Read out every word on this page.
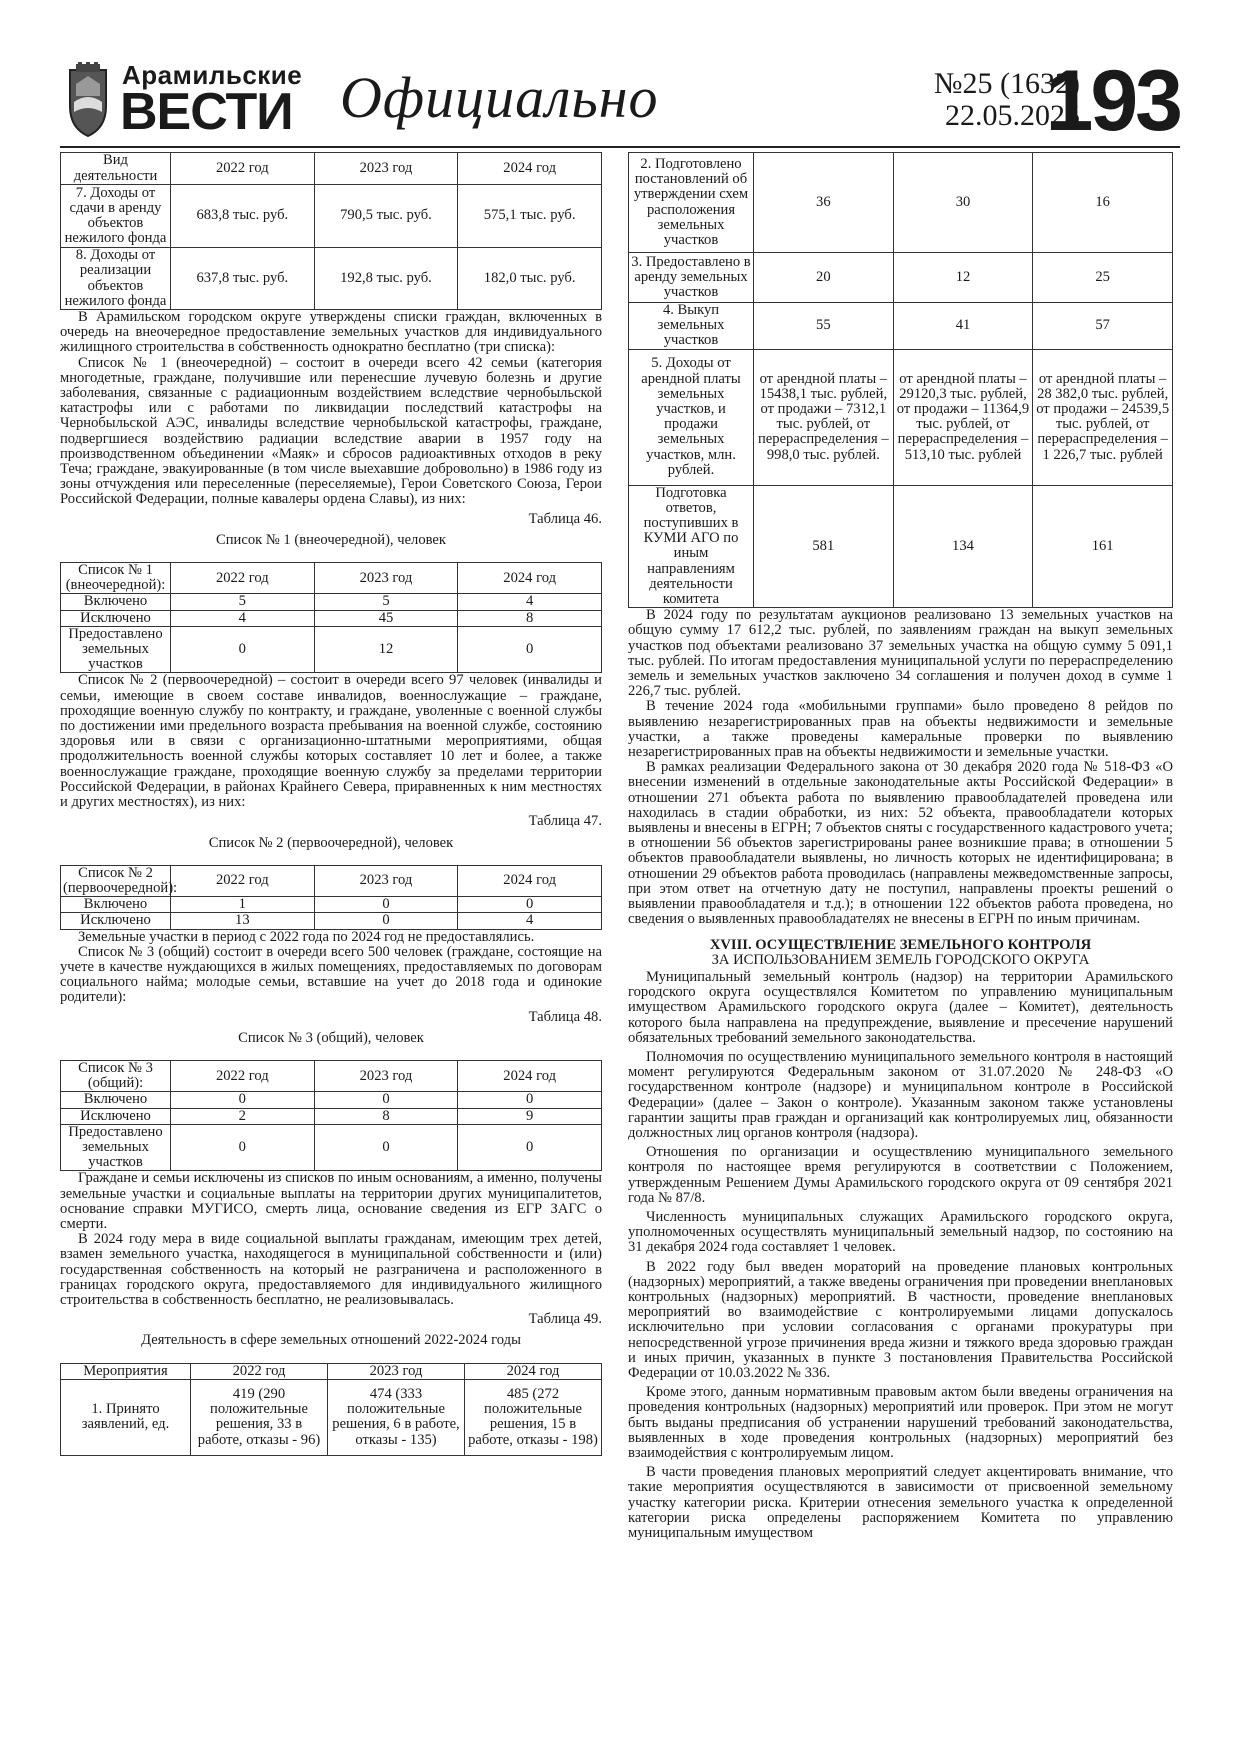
Арамильские
ВЕСТИ Официально	№25 (1632)
22.05.2025
193
Вид деятельности	2022 год	2023 год	2024 год
7. Доходы от сдачи в аренду объектов нежилого фонда	683,8 тыс. руб.	790,5 тыс. руб.	575,1 тыс. руб.
8. Доходы от реализации объектов нежилого фонда	637,8 тыс. руб.	192,8 тыс. руб.	182,0 тыс. руб.

В Арамильском городском округе утверждены списки граждан, включенных в очередь на внеочередное предоставление земельных участков для индивидуального жилищного строительства в собственность однократно бесплатно (три списка):

Список № 1 (внеочередной) – состоит в очереди всего 42 семьи (категория многодетные, граждане, получившие или перенесшие лучевую болезнь и другие заболевания, связанные с радиационным воздействием вследствие чернобыльской катастрофы или с работами по ликвидации последствий катастрофы на Чернобыльской АЭС, инвалиды вследствие чернобыльской катастрофы, граждане, подвергшиеся воздействию радиации вследствие аварии в 1957 году на производственном объединении «Маяк» и сбросов радиоактивных отходов в реку Теча; граждане, эвакуированные (в том числе выехавшие добровольно) в 1986 году из зоны отчуждения или переселенные (переселяемые), Герои Советского Союза, Герои Российской Федерации, полные кавалеры ордена Славы), из них:

Таблица 46.
Список № 1 (внеочередной), человек
Список № 1 (внеочередной):	2022 год	2023 год	2024 год
Включено	5	5	4
Исключено	4	45	8
Предоставлено земельных участков	0	12	0

Список № 2 (первоочередной) – состоит в очереди всего 97 человек (инвалиды и семьи, имеющие в своем составе инвалидов, военнослужащие – граждане, проходящие военную службу по контракту, и граждане, уволенные с военной службы по достижении ими предельного возраста пребывания на военной службе, состоянию здоровья или в связи с организационно-штатными мероприятиями, общая продолжительность военной службы которых составляет 10 лет и более, а также военнослужащие граждане, проходящие военную службу за пределами территории Российской Федерации, в районах Крайнего Севера, приравненных к ним местностях и других местностях), из них:

Таблица 47.
Список № 2 (первоочередной), человек
Список № 2 (первоочередной):	2022 год	2023 год	2024 год
Включено	1	0	0
Исключено	13	0	4

Земельные участки в период с 2022 года по 2024 год не предоставлялись.

Список № 3 (общий) состоит в очереди всего 500 человек (граждане, состоящие на учете в качестве нуждающихся в жилых помещениях, предоставляемых по договорам социального найма; молодые семьи, вставшие на учет до 2018 года и одинокие родители):

Таблица 48.
Список № 3 (общий), человек
Список № 3 (общий):	2022 год	2023 год	2024 год
Включено	0	0	0
Исключено	2	8	9
Предоставлено земельных участков	0	0	0

Граждане и семьи исключены из списков по иным основаниям, а именно, получены земельные участки и социальные выплаты на территории других муниципалитетов, основание справки МУГИСО, смерть лица, основание сведения из ЕГР ЗАГС о смерти.

В 2024 году мера в виде социальной выплаты гражданам, имеющим трех детей, взамен земельного участка, находящегося в муниципальной собственности и (или) государственная собственность на который не разграничена и расположенного в границах городского округа, предоставляемого для индивидуального жилищного строительства в собственность бесплатно, не реализовывалась.

Таблица 49.
Деятельность в сфере земельных отношений 2022-2024 годы
Мероприятия	2022 год	2023 год	2024 год
1. Принято заявлений, ед.	419 (290 положительные решения, 33 в работе, отказы - 96)	474 (333 положительные решения, 6 в работе, отказы - 135)	485 (272 положительные решения, 15 в работе, отказы - 198)
2. Подготовлено постановлений об утверждении схем расположения земельных участков	36	30	16
3. Предоставлено в аренду земельных участков	20	12	25
4. Выкуп земельных участков	55	41	57
5. Доходы от арендной платы земельных участков, и продажи земельных участков, млн. рублей.	от арендной платы – 15438,1 тыс. рублей, от продажи – 7312,1 тыс. рублей, от перераспределения – 998,0 тыс. рублей.	от арендной платы – 29120,3 тыс. рублей, от продажи – 11364,9 тыс. рублей, от перераспределения – 513,10 тыс. рублей	от арендной платы – 28 382,0 тыс. рублей, от продажи – 24539,5 тыс. рублей, от перераспределения – 1 226,7 тыс. рублей
Подготовка ответов, поступивших в КУМИ АГО по иным направлениям деятельности комитета	581	134	161

В 2024 году по результатам аукционов реализовано 13 земельных участков на общую сумму 17 612,2 тыс. рублей, по заявлениям граждан на выкуп земельных участков под объектами реализовано 37 земельных участка на общую сумму 5 091,1 тыс. рублей. По итогам предоставления муниципальной услуги по перераспределению земель и земельных участков заключено 34 соглашения и получен доход в сумме 1 226,7 тыс. рублей.

В течение 2024 года «мобильными группами» было проведено 8 рейдов по выявлению незарегистрированных прав на объекты недвижимости и земельные участки, а также проведены камеральные проверки по выявлению незарегистрированных прав на объекты недвижимости и земельные участки.

В рамках реализации Федерального закона от 30 декабря 2020 года № 518-ФЗ «О внесении изменений в отдельные законодательные акты Российской Федерации» в отношении 271 объекта работа по выявлению правообладателей проведена или находилась в стадии обработки, из них: 52 объекта, правообладатели которых выявлены и внесены в ЕГРН; 7 объектов сняты с государственного кадастрового учета; в отношении 56 объектов зарегистрированы ранее возникшие права; в отношении 5 объектов правообладатели выявлены, но личность которых не идентифицирована; в отношении 29 объектов работа проводилась (направлены межведомственные запросы, при этом ответ на отчетную дату не поступил, направлены проекты решений о выявлении правообладателя и т.д.); в отношении 122 объектов работа проведена, но сведения о выявленных правообладателях не внесены в ЕГРН по иным причинам.

XVIII. ОСУЩЕСТВЛЕНИЕ ЗЕМЕЛЬНОГО КОНТРОЛЯ
ЗА ИСПОЛЬЗОВАНИЕМ ЗЕМЕЛЬ ГОРОДСКОГО ОКРУГА

Муниципальный земельный контроль (надзор) на территории Арамильского городского округа осуществлялся Комитетом по управлению муниципальным имуществом Арамильского городского округа (далее – Комитет), деятельность которого была направлена на предупреждение, выявление и пресечение нарушений обязательных требований земельного законодательства.

Полномочия по осуществлению муниципального земельного контроля в настоящий момент регулируются Федеральным законом от 31.07.2020 № 248-ФЗ «О государственном контроле (надзоре) и муниципальном контроле в Российской Федерации» (далее – Закон о контроле). Указанным законом также установлены гарантии защиты прав граждан и организаций как контролируемых лиц, обязанности должностных лиц органов контроля (надзора).

Отношения по организации и осуществлению муниципального земельного контроля по настоящее время регулируются в соответствии с Положением, утвержденным Решением Думы Арамильского городского округа от 09 сентября 2021 года № 87/8.

Численность муниципальных служащих Арамильского городского округа, уполномоченных осуществлять муниципальный земельный надзор, по состоянию на 31 декабря 2024 года составляет 1 человек.

В 2022 году был введен мораторий на проведение плановых контрольных (надзорных) мероприятий, а также введены ограничения при проведении внеплановых контрольных (надзорных) мероприятий. В частности, проведение внеплановых мероприятий во взаимодействие с контролируемыми лицами допускалось исключительно при условии согласования с органами прокуратуры при непосредственной угрозе причинения вреда жизни и тяжкого вреда здоровью граждан и иных причин, указанных в пункте 3 постановления Правительства Российской Федерации от 10.03.2022 № 336.

Кроме этого, данным нормативным правовым актом были введены ограничения на проведения контрольных (надзорных) мероприятий или проверок. При этом не могут быть выданы предписания об устранении нарушений требований законодательства, выявленных в ходе проведения контрольных (надзорных) мероприятий без взаимодействия с контролируемым лицом.

В части проведения плановых мероприятий следует акцентировать внимание, что такие мероприятия осуществляются в зависимости от присвоенной земельному участку категории риска. Критерии отнесения земельного участка к определенной категории риска определены распоряжением Комитета по управлению муниципальным имуществом
